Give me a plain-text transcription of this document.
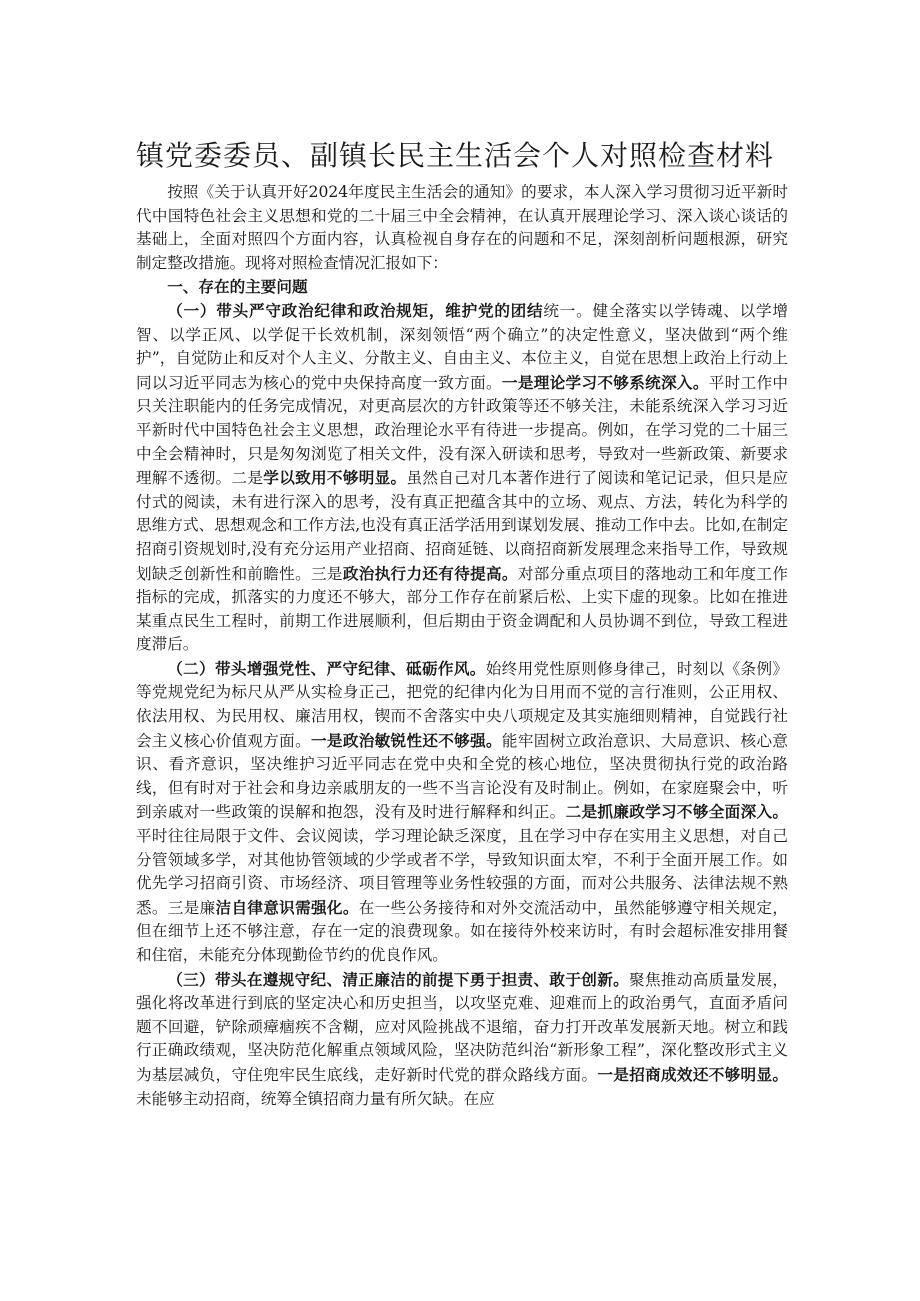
镇党委委员、副镇长民主生活会个人对照检查材料

按照《关于认真开好2024年度民主生活会的通知》的要求，本人深入学习贯彻习近平新时代中国特色社会主义思想和党的二十届三中全会精神，在认真开展理论学习、深入谈心谈话的基础上，全面对照四个方面内容，认真检视自身存在的问题和不足，深刻剖析问题根源，研究制定整改措施。现将对照检查情况汇报如下：

一、存在的主要问题

（一）带头严守政治纪律和政治规矩，维护党的团结统一。健全落实以学铸魂、以学增智、以学正风、以学促干长效机制，深刻领悟“两个确立”的决定性意义，坚决做到“两个维护”，自觉防止和反对个人主义、分散主义、自由主义、本位主义，自觉在思想上政治上行动上同以习近平同志为核心的党中央保持高度一致方面。一是理论学习不够系统深入。平时工作中只关注职能内的任务完成情况，对更高层次的方针政策等还不够关注，未能系统深入学习习近平新时代中国特色社会主义思想，政治理论水平有待进一步提高。例如，在学习党的二十届三中全会精神时，只是匆匆浏览了相关文件，没有深入研读和思考，导致对一些新政策、新要求理解不透彻。二是学以致用不够明显。虽然自己对几本著作进行了阅读和笔记记录，但只是应付式的阅读，未有进行深入的思考，没有真正把蕴含其中的立场、观点、方法，转化为科学的思维方式、思想观念和工作方法,也没有真正活学活用到谋划发展、推动工作中去。比如,在制定招商引资规划时,没有充分运用产业招商、招商延链、以商招商新发展理念来指导工作，导致规划缺乏创新性和前瞻性。三是政治执行力还有待提高。对部分重点项目的落地动工和年度工作指标的完成，抓落实的力度还不够大，部分工作存在前紧后松、上实下虚的现象。比如在推进某重点民生工程时，前期工作进展顺利，但后期由于资金调配和人员协调不到位，导致工程进度滞后。

（二）带头增强党性、严守纪律、砥砺作风。始终用党性原则修身律己，时刻以《条例》等党规党纪为标尺从严从实检身正己，把党的纪律内化为日用而不觉的言行准则，公正用权、依法用权、为民用权、廉洁用权，锲而不舍落实中央八项规定及其实施细则精神，自觉践行社会主义核心价值观方面。一是政治敏锐性还不够强。能牢固树立政治意识、大局意识、核心意识、看齐意识，坚决维护习近平同志在党中央和全党的核心地位，坚决贯彻执行党的政治路线，但有时对于社会和身边亲戚朋友的一些不当言论没有及时制止。例如，在家庭聚会中，听到亲戚对一些政策的误解和抱怨，没有及时进行解释和纠正。二是抓廉政学习不够全面深入。平时往往局限于文件、会议阅读，学习理论缺乏深度，且在学习中存在实用主义思想，对自己分管领域多学，对其他协管领域的少学或者不学，导致知识面太窄，不利于全面开展工作。如优先学习招商引资、市场经济、项目管理等业务性较强的方面，而对公共服务、法律法规不熟悉。三是廉洁自律意识需强化。在一些公务接待和对外交流活动中，虽然能够遵守相关规定，但在细节上还不够注意，存在一定的浪费现象。如在接待外校来访时，有时会超标准安排用餐和住宿，未能充分体现勤俭节约的优良作风。

（三）带头在遵规守纪、清正廉洁的前提下勇于担责、敢于创新。聚焦推动高质量发展，强化将改革进行到底的坚定决心和历史担当，以攻坚克难、迎难而上的政治勇气，直面矛盾问题不回避，铲除顽瘴痼疾不含糊，应对风险挑战不退缩，奋力打开改革发展新天地。树立和践行正确政绩观，坚决防范化解重点领域风险，坚决防范纠治“新形象工程”，深化整改形式主义为基层减负，守住兜牢民生底线，走好新时代党的群众路线方面。一是招商成效还不够明显。未能够主动招商，统筹全镇招商力量有所欠缺。在应
